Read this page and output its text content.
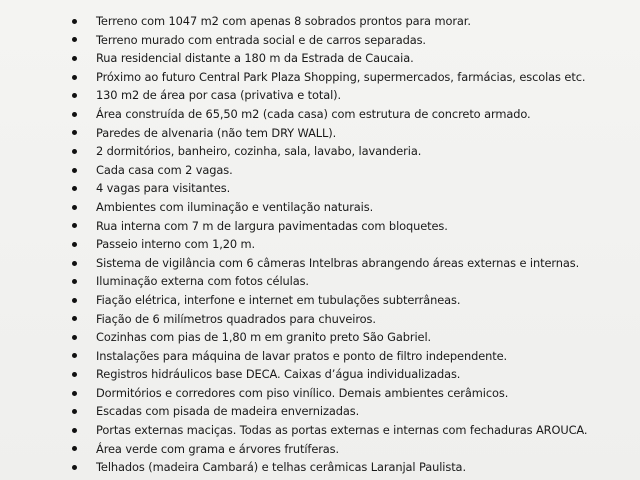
Terreno com 1047 m2 com apenas 8 sobrados prontos para morar.
Terreno murado com entrada social e de carros separadas.
Rua residencial distante a 180 m da Estrada de Caucaia.
Próximo ao futuro Central Park Plaza Shopping, supermercados, farmácias, escolas etc.
130 m2 de área por casa (privativa e total).
Área construída de 65,50 m2 (cada casa) com estrutura de concreto armado.
Paredes de alvenaria (não tem DRY WALL).
2 dormitórios, banheiro, cozinha, sala, lavabo, lavanderia.
Cada casa com 2 vagas.
4 vagas para visitantes.
Ambientes com iluminação e ventilação naturais.
Rua interna com 7 m de largura pavimentadas com bloquetes.
Passeio interno com 1,20 m.
Sistema de vigilância com 6 câmeras Intelbras abrangendo áreas externas e internas.
Iluminação externa com fotos células.
Fiação elétrica, interfone e internet em tubulações subterrâneas.
Fiação de 6 milímetros quadrados para chuveiros.
Cozinhas com pias de 1,80 m em granito preto São Gabriel.
Instalações para máquina de lavar pratos e ponto de filtro independente.
Registros hidráulicos base DECA. Caixas d’água individualizadas.
Dormitórios e corredores com piso vinílico. Demais ambientes cerâmicos.
Escadas com pisada de madeira envernizadas.
Portas externas maciças. Todas as portas externas e internas com fechaduras AROUCA.
Área verde com grama e árvores frutíferas.
Telhados (madeira Cambará) e telhas cerâmicas Laranjal Paulista.
